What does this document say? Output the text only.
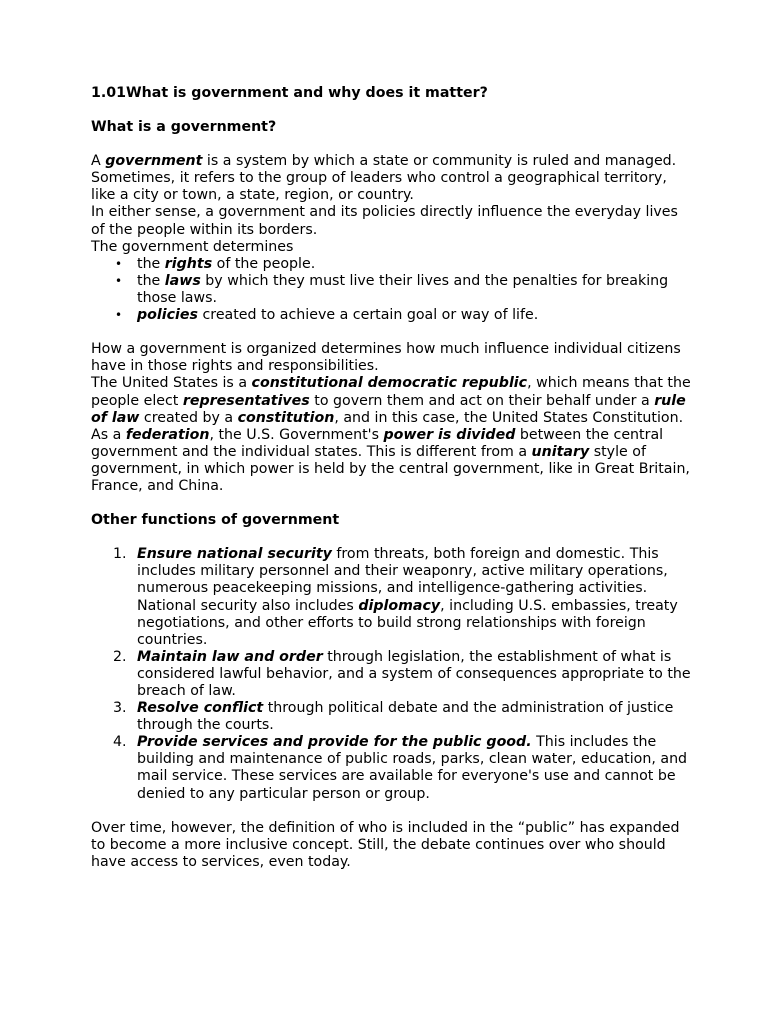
1.01What is government and why does it matter?
What is a government?

A government is a system by which a state or community is ruled and managed. Sometimes, it refers to the group of leaders who control a geographical territory, like a city or town, a state, region, or country.

In either sense, a government and its policies directly influence the everyday lives of the people within its borders.

The government determines

• the rights of the people.
• the laws by which they must live their lives and the penalties for breaking those laws.
• policies created to achieve a certain goal or way of life.

How a government is organized determines how much influence individual citizens have in those rights and responsibilities.

The United States is a constitutional democratic republic, which means that the people elect representatives to govern them and act on their behalf under a rule of law created by a constitution, and in this case, the United States Constitution.

As a federation, the U.S. Government's power is divided between the central government and the individual states. This is different from a unitary style of government, in which power is held by the central government, like in Great Britain, France, and China.

Other functions of government
1. Ensure national security from threats, both foreign and domestic. This includes military personnel and their weaponry, active military operations, numerous peacekeeping missions, and intelligence-gathering activities.
National security also includes diplomacy, including U.S. embassies, treaty negotiations, and other efforts to build strong relationships with foreign countries.
2. Maintain law and order through legislation, the establishment of what is considered lawful behavior, and a system of consequences appropriate to the breach of law.
3. Resolve conflict through political debate and the administration of justice through the courts.
4. Provide services and provide for the public good. This includes the building and maintenance of public roads, parks, clean water, education, and mail service. These services are available for everyone's use and cannot be denied to any particular person or group.

Over time, however, the definition of who is included in the “public” has expanded to become a more inclusive concept. Still, the debate continues over who should have access to services, even today.
